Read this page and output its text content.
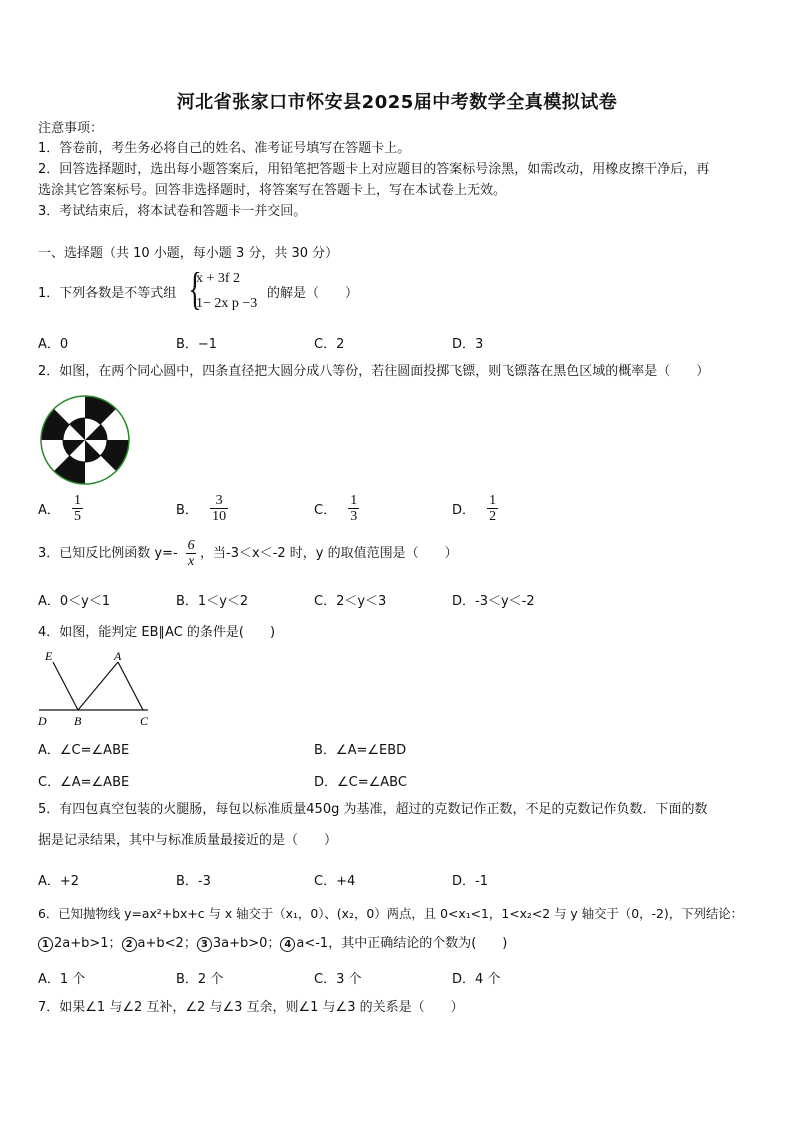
河北省张家口市怀安县2025届中考数学全真模拟试卷
注意事项：
1．答卷前，考生务必将自己的姓名、准考证号填写在答题卡上。
2．回答选择题时，选出每小题答案后，用铅笔把答题卡上对应题目的答案标号涂黑，如需改动，用橡皮擦干净后，再
选涂其它答案标号。回答非选择题时，将答案写在答题卡上，写在本试卷上无效。
3．考试结束后，将本试卷和答题卡一并交回。
一、选择题（共 10 小题，每小题 3 分，共 30 分）
1．下列各数是不等式组 {
x + 3f 2
1− 2x p −3
的解是（　　）
A．0	B．−1	C．2	D．3
2．如图，在两个同心圆中，四条直径把大圆分成八等份，若往圆面投掷飞镖，则飞镖落在黑色区域的概率是（　　）
A． $\frac{1}{5}$	B． $\frac{3}{10}$	C． $\frac{1}{3}$	D． $\frac{1}{2}$
3．已知反比例函数 $y=- \frac{6}{x}$ ，当-3＜x＜-2 时，y 的取值范围是（　　）
A．0＜y＜1	B．1＜y＜2	C．2＜y＜3	D．-3＜y＜-2
4．如图，能判定 EB∥AC 的条件是(　　)
E	A
D B	C
A．∠C=∠ABE	B．∠A=∠EBD
C．∠A=∠ABE	D．∠C=∠ABC
5．有四包真空包装的火腿肠，每包以标准质量450g 为基准，超过的克数记作正数，不足的克数记作负数．下面的数
据是记录结果，其中与标准质量最接近的是（　　）
A．+2	B．-3	C．+4	D．-1
6．已知抛物线 y=ax²+bx+c 与 x 轴交于（x₁，0）、(x₂，0）两点，且 0<x₁<1，1<x₂<2 与 y 轴交于（0，-2)，下列结论：
1 2a+b>1； 2 a+b<2； 3 3a+b>0； 4 a<-1，其中正确结论的个数为(　　)
A．1 个	B．2 个	C．3 个	D．4 个
7．如果∠1 与∠2 互补，∠2 与∠3 互余，则∠1 与∠3 的关系是（　　）
